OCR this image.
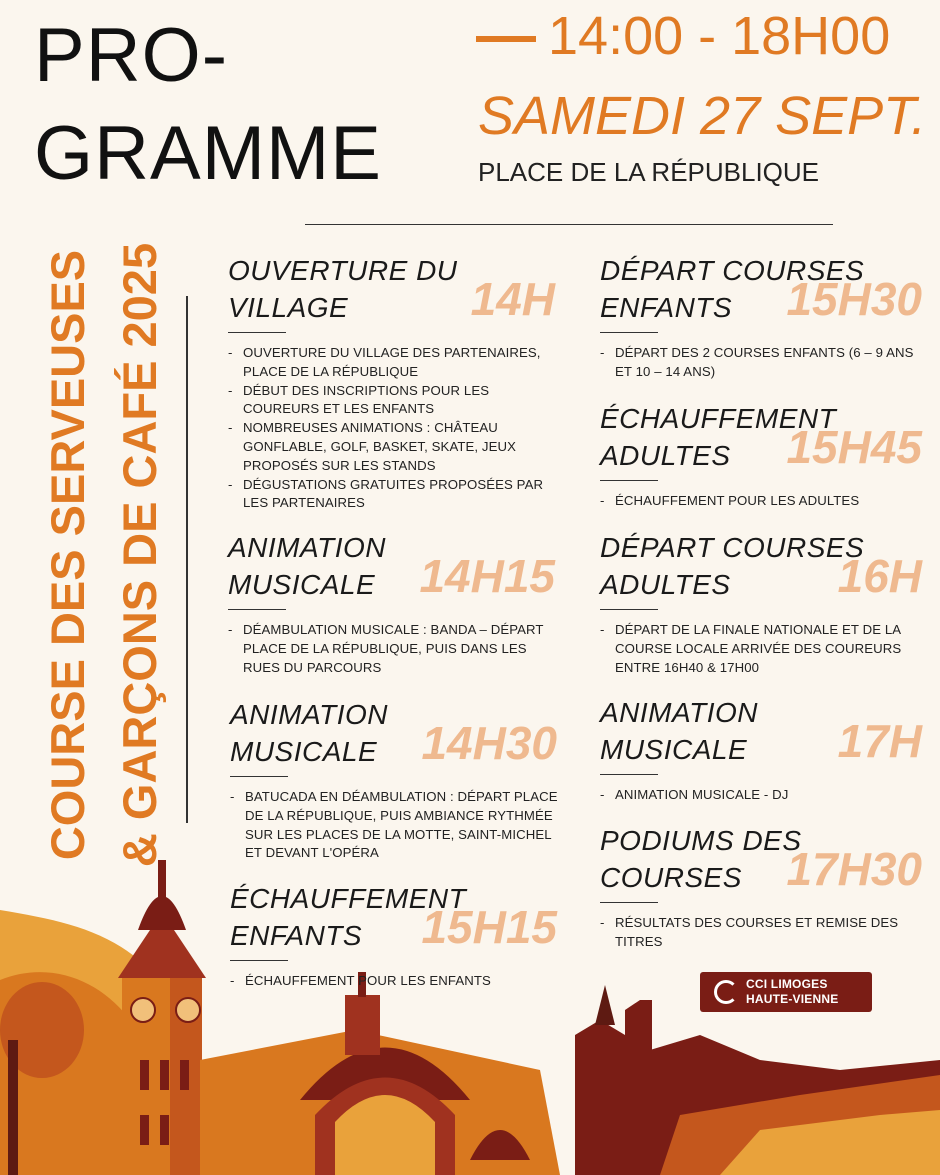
PRO-
GRAMME
14:00 - 18H00
SAMEDI 27 SEPT.
PLACE DE LA RÉPUBLIQUE
COURSE DES SERVEUSES & GARÇONS DE CAFÉ 2025 OUVERTURE DU
VILLAGE	14H
- OUVERTURE DU VILLAGE DES PARTENAIRES, PLACE DE LA RÉPUBLIQUE
- DÉBUT DES INSCRIPTIONS POUR LES COUREURS ET LES ENFANTS
- NOMBREUSES ANIMATIONS : CHÂTEAU GONFLABLE, GOLF, BASKET, SKATE, JEUX PROPOSÉS SUR LES STANDS
- DÉGUSTATIONS GRATUITES PROPOSÉES PAR LES PARTENAIRES
ANIMATION
MUSICALE 14H15
- DÉAMBULATION MUSICALE : BANDA – DÉPART PLACE DE LA RÉPUBLIQUE, PUIS DANS LES RUES DU PARCOURS
ANIMATION
MUSICALE 14H30
- BATUCADA EN DÉAMBULATION : DÉPART PLACE DE LA RÉPUBLIQUE, PUIS AMBIANCE RYTHMÉE SUR LES PLACES DE LA MOTTE, SAINT-MICHEL ET DEVANT L'OPÉRA
ÉCHAUFFEMENT
ENFANTS	15H15
- ÉCHAUFFEMENT POUR LES ENFANTS
DÉPART COURSES
ENFANTS	15H30
- DÉPART DES 2 COURSES ENFANTS (6 – 9 ANS ET 10 – 14 ANS)
ÉCHAUFFEMENT
ADULTES	15H45
- ÉCHAUFFEMENT POUR LES ADULTES
DÉPART COURSES
ADULTES	16H
- DÉPART DE LA FINALE NATIONALE ET DE LA COURSE LOCALE ARRIVÉE DES COUREURS ENTRE 16H40 & 17H00
ANIMATION
MUSICALE	17H
- ANIMATION MUSICALE - DJ
PODIUMS DES
COURSES 17H30
- RÉSULTATS DES COURSES ET REMISE DES TITRES
CCI LIMOGES
HAUTE-VIENNE
